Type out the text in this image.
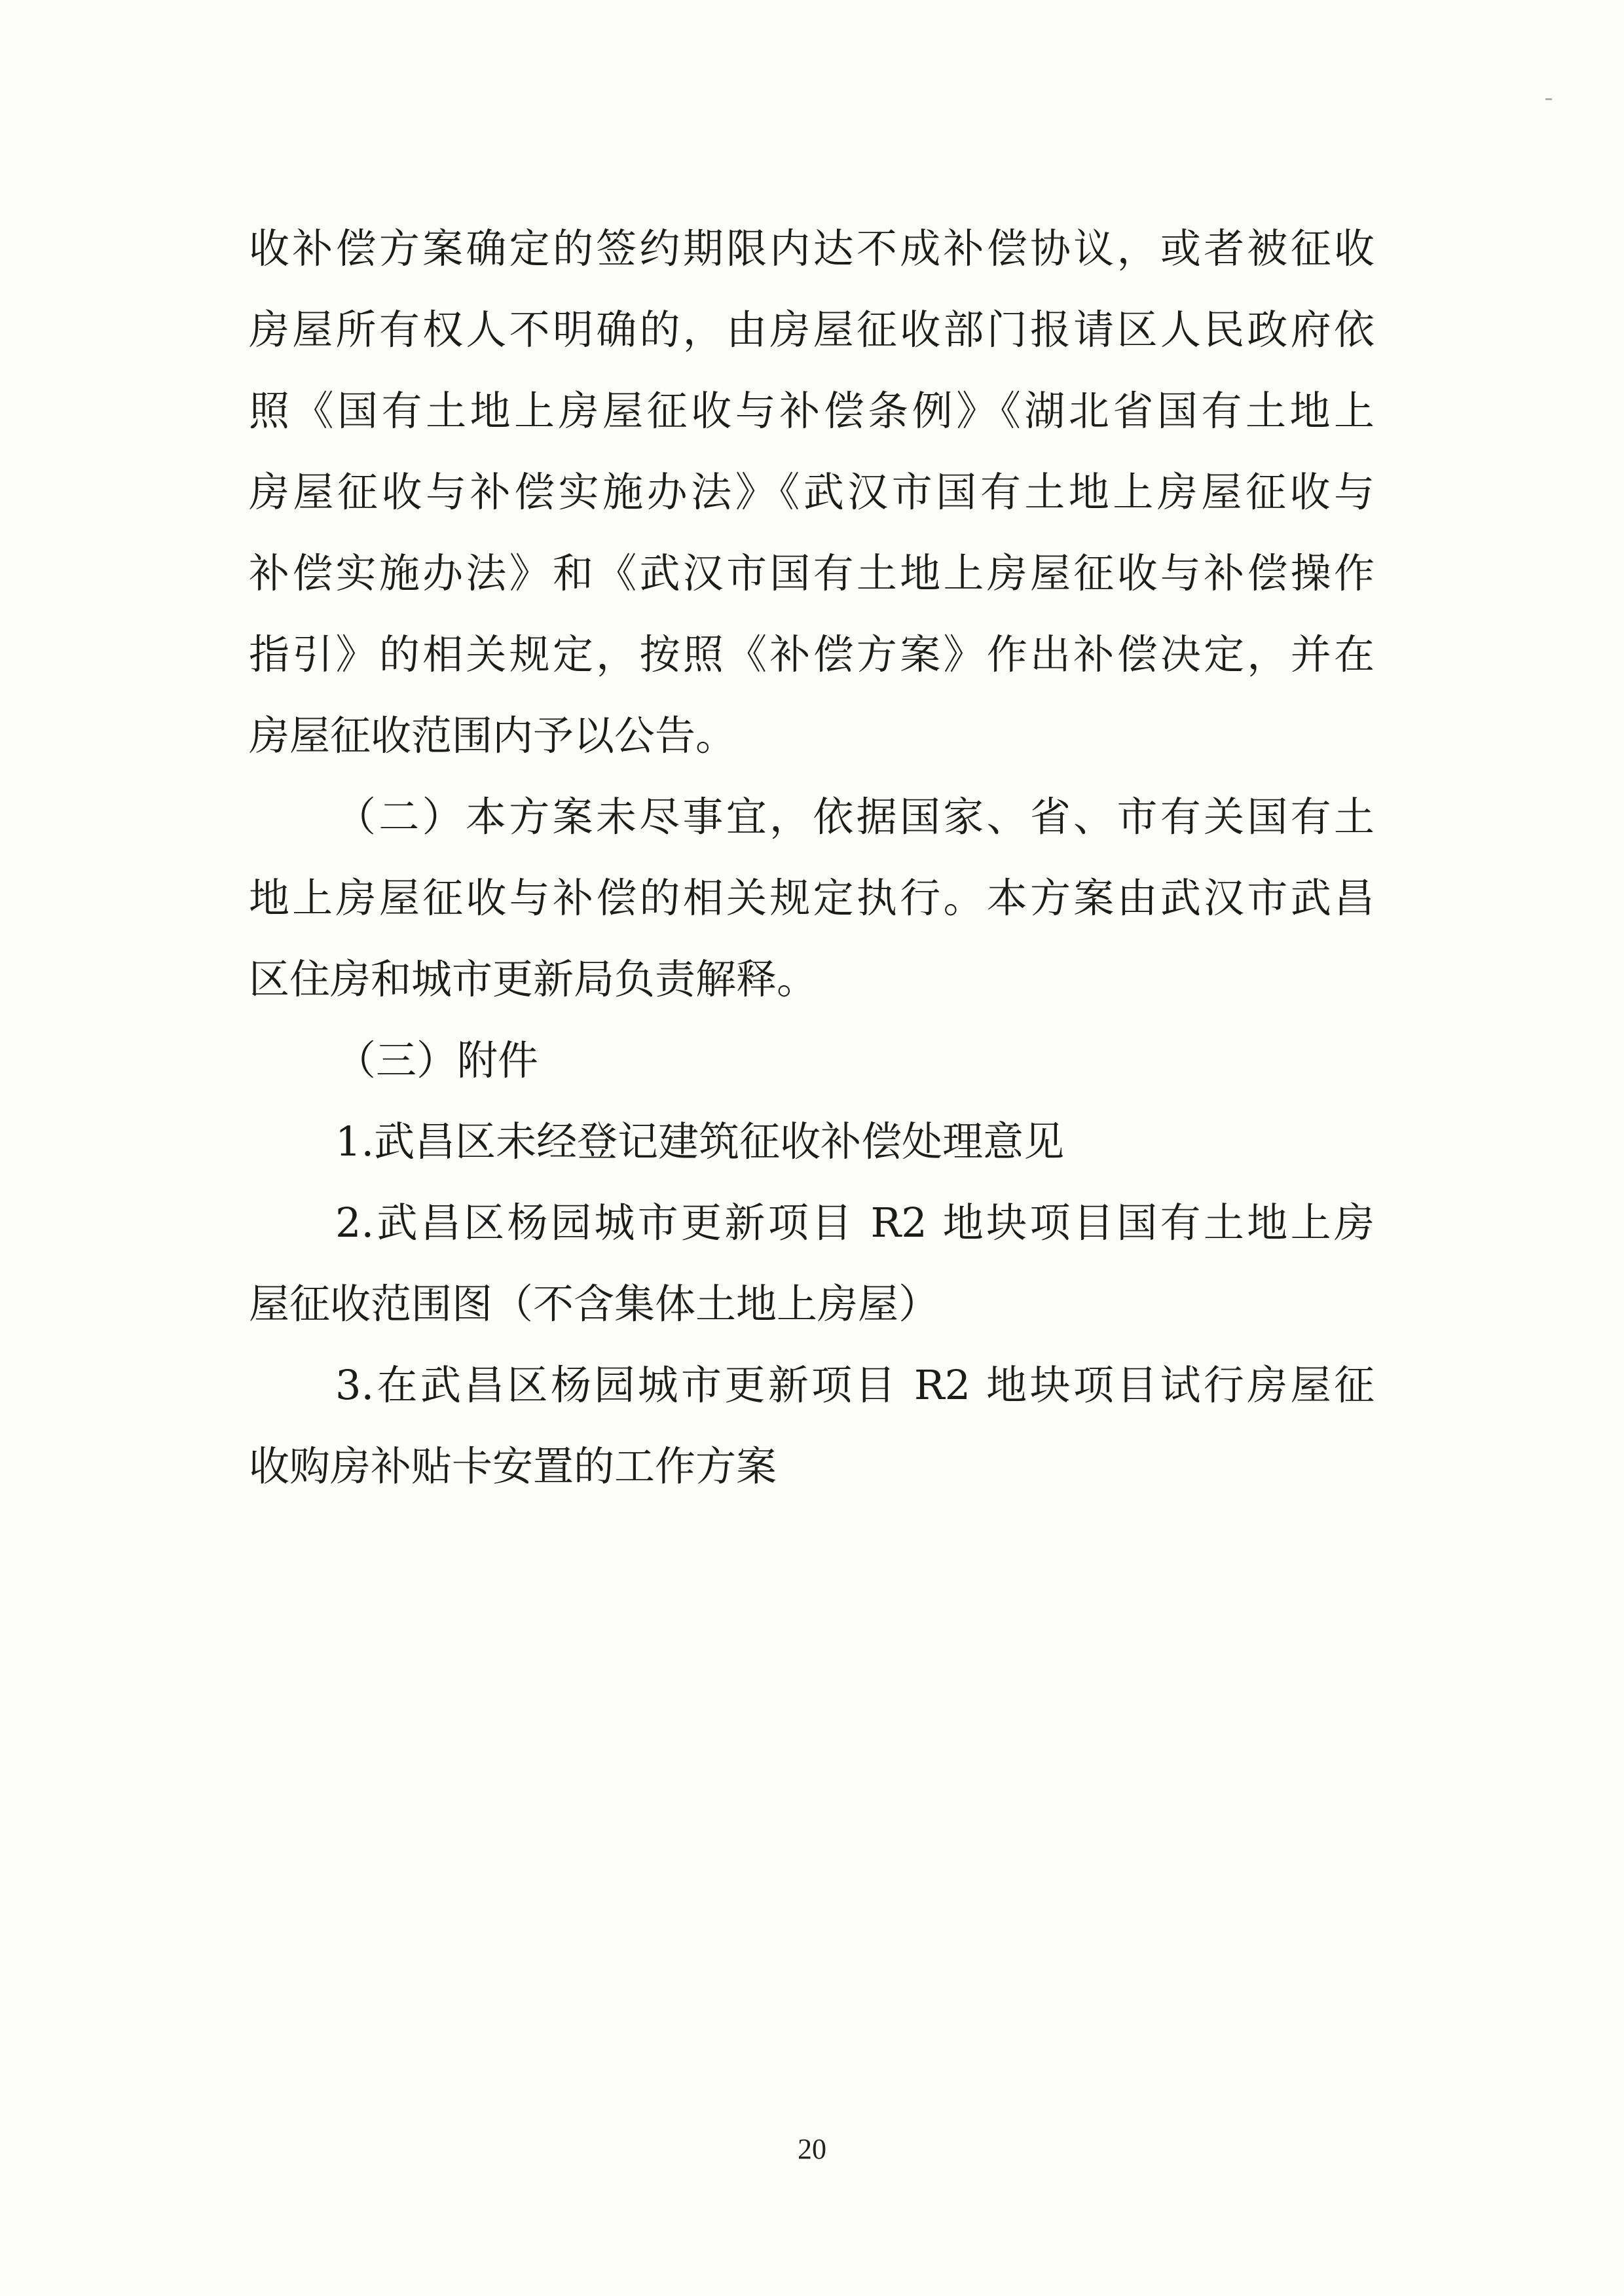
收补偿方案确定的签约期限内达不成补偿协议，或者被征收
房屋所有权人不明确的，由房屋征收部门报请区人民政府依
照《国有土地上房屋征收与补偿条例》《湖北省国有土地上
房屋征收与补偿实施办法》《武汉市国有土地上房屋征收与
补偿实施办法》和《武汉市国有土地上房屋征收与补偿操作
指引》的相关规定，按照《补偿方案》作出补偿决定，并在
房屋征收范围内予以公告。
（二）本方案未尽事宜，依据国家、省、市有关国有土
地上房屋征收与补偿的相关规定执行。本方案由武汉市武昌
区住房和城市更新局负责解释。
（三）附件
1.武昌区未经登记建筑征收补偿处理意见
2.武昌区杨园城市更新项目 R2 地块项目国有土地上房
屋征收范围图（不含集体土地上房屋）
3.在武昌区杨园城市更新项目 R2 地块项目试行房屋征
收购房补贴卡安置的工作方案
20
